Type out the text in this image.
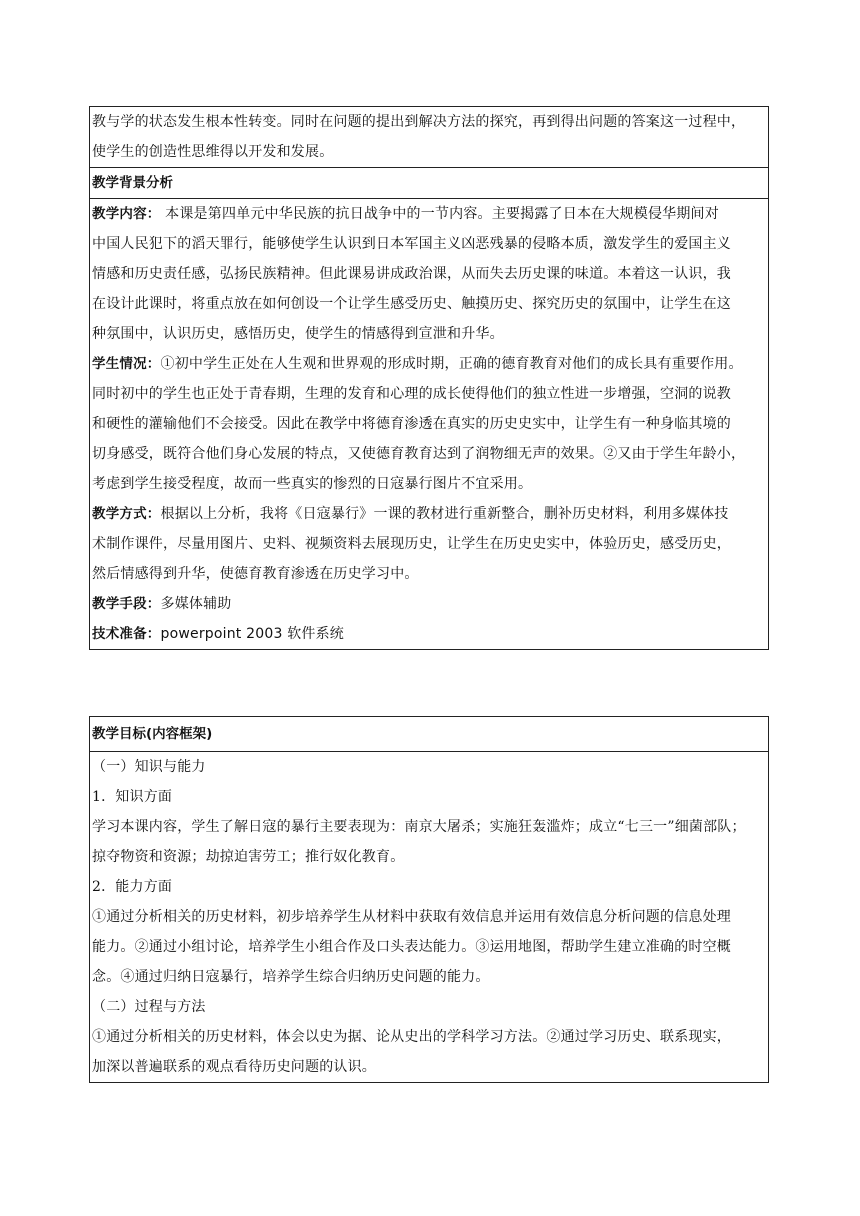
教与学的状态发生根本性转变。同时在问题的提出到解决方法的探究，再到得出问题的答案这一过程中，

使学生的创造性思维得以开发和发展。

教学背景分析

教学内容： 本课是第四单元中华民族的抗日战争中的一节内容。主要揭露了日本在大规模侵华期间对

中国人民犯下的滔天罪行，能够使学生认识到日本军国主义凶恶残暴的侵略本质，激发学生的爱国主义

情感和历史责任感，弘扬民族精神。但此课易讲成政治课，从而失去历史课的味道。本着这一认识，我

在设计此课时，将重点放在如何创设一个让学生感受历史、触摸历史、探究历史的氛围中，让学生在这

种氛围中，认识历史，感悟历史，使学生的情感得到宣泄和升华。

学生情况：①初中学生正处在人生观和世界观的形成时期，正确的德育教育对他们的成长具有重要作用。

同时初中的学生也正处于青春期，生理的发育和心理的成长使得他们的独立性进一步增强，空洞的说教

和硬性的灌输他们不会接受。因此在教学中将德育渗透在真实的历史史实中，让学生有一种身临其境的

切身感受，既符合他们身心发展的特点，又使德育教育达到了润物细无声的效果。②又由于学生年龄小，

考虑到学生接受程度，故而一些真实的惨烈的日寇暴行图片不宜采用。

教学方式：根据以上分析，我将《日寇暴行》一课的教材进行重新整合，删补历史材料，利用多媒体技

术制作课件，尽量用图片、史料、视频资料去展现历史，让学生在历史史实中，体验历史，感受历史，

然后情感得到升华，使德育教育渗透在历史学习中。

教学手段：多媒体辅助

技术准备：powerpoint 2003 软件系统

教学目标(内容框架)

（一）知识与能力

1．知识方面

学习本课内容，学生了解日寇的暴行主要表现为：南京大屠杀；实施狂轰滥炸；成立“七三一”细菌部队；

掠夺物资和资源；劫掠迫害劳工；推行奴化教育。

2．能力方面

①通过分析相关的历史材料，初步培养学生从材料中获取有效信息并运用有效信息分析问题的信息处理

能力。②通过小组讨论，培养学生小组合作及口头表达能力。③运用地图，帮助学生建立准确的时空概

念。④通过归纳日寇暴行，培养学生综合归纳历史问题的能力。

（二）过程与方法

①通过分析相关的历史材料，体会以史为据、论从史出的学科学习方法。②通过学习历史、联系现实，

加深以普遍联系的观点看待历史问题的认识。
